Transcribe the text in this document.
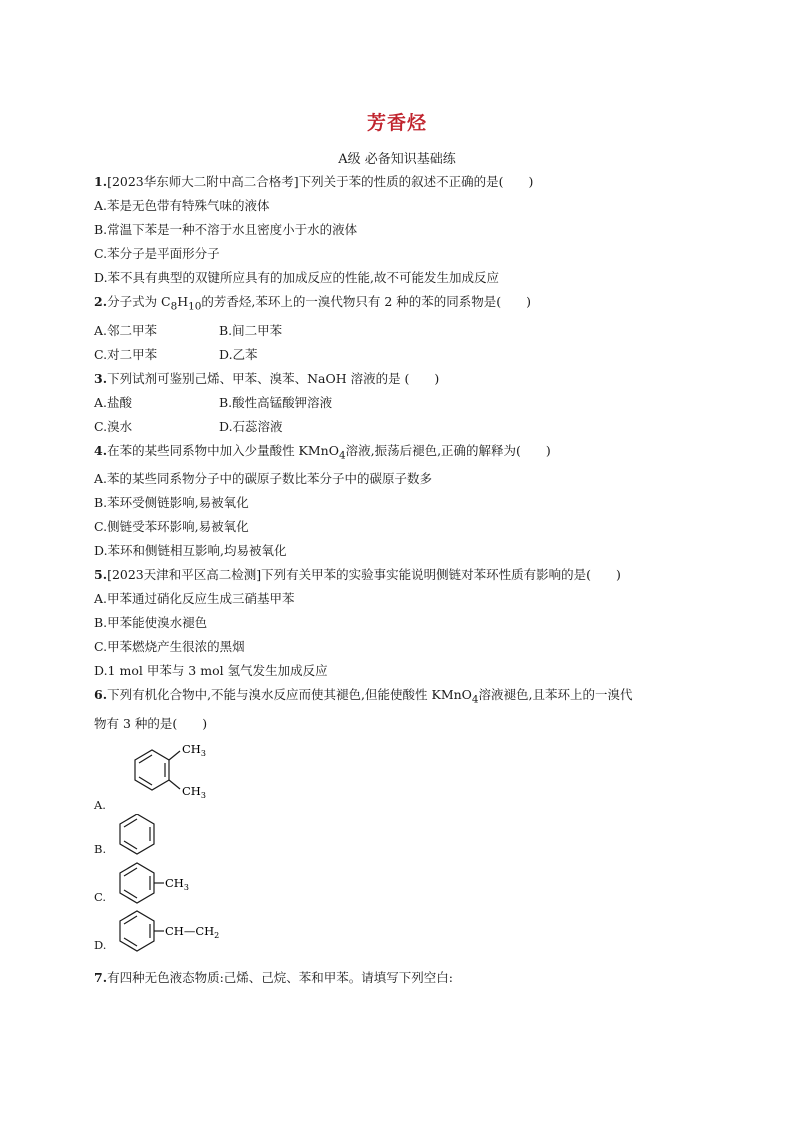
芳香烃
A级 必备知识基础练
1.[2023华东师大二附中高二合格考]下列关于苯的性质的叙述不正确的是(　　)
A.苯是无色带有特殊气味的液体
B.常温下苯是一种不溶于水且密度小于水的液体
C.苯分子是平面形分子
D.苯不具有典型的双键所应具有的加成反应的性能,故不可能发生加成反应
2.分子式为 $C_8H_{10}$的芳香烃,苯环上的一溴代物只有 2 种的苯的同系物是(　　)
A.邻二甲苯	B.间二甲苯
C.对二甲苯	D.乙苯
3.下列试剂可鉴别己烯、甲苯、溴苯、NaOH 溶液的是 (　　)
A.盐酸	B.酸性高锰酸钾溶液
C.溴水	D.石蕊溶液
4.在苯的某些同系物中加入少量酸性 KMnO$_4$溶液,振荡后褪色,正确的解释为(　　)
A.苯的某些同系物分子中的碳原子数比苯分子中的碳原子数多
B.苯环受侧链影响,易被氧化
C.侧链受苯环影响,易被氧化
D.苯环和侧链相互影响,均易被氧化
5.[2023天津和平区高二检测]下列有关甲苯的实验事实能说明侧链对苯环性质有影响的是(　　)
A.甲苯通过硝化反应生成三硝基甲苯
B.甲苯能使溴水褪色
C.甲苯燃烧产生很浓的黑烟
D.1 mol 甲苯与 3 mol 氢气发生加成反应
6.下列有机化合物中,不能与溴水反应而使其褪色,但能使酸性 KMnO$_4$溶液褪色,且苯环上的一溴代
物有 3 种的是(　　)
A.
$CH_3$
$CH_3$
B.
C.
$CH_3$
D.
$CH—CH_2$
7.有四种无色液态物质:己烯、己烷、苯和甲苯。请填写下列空白:
